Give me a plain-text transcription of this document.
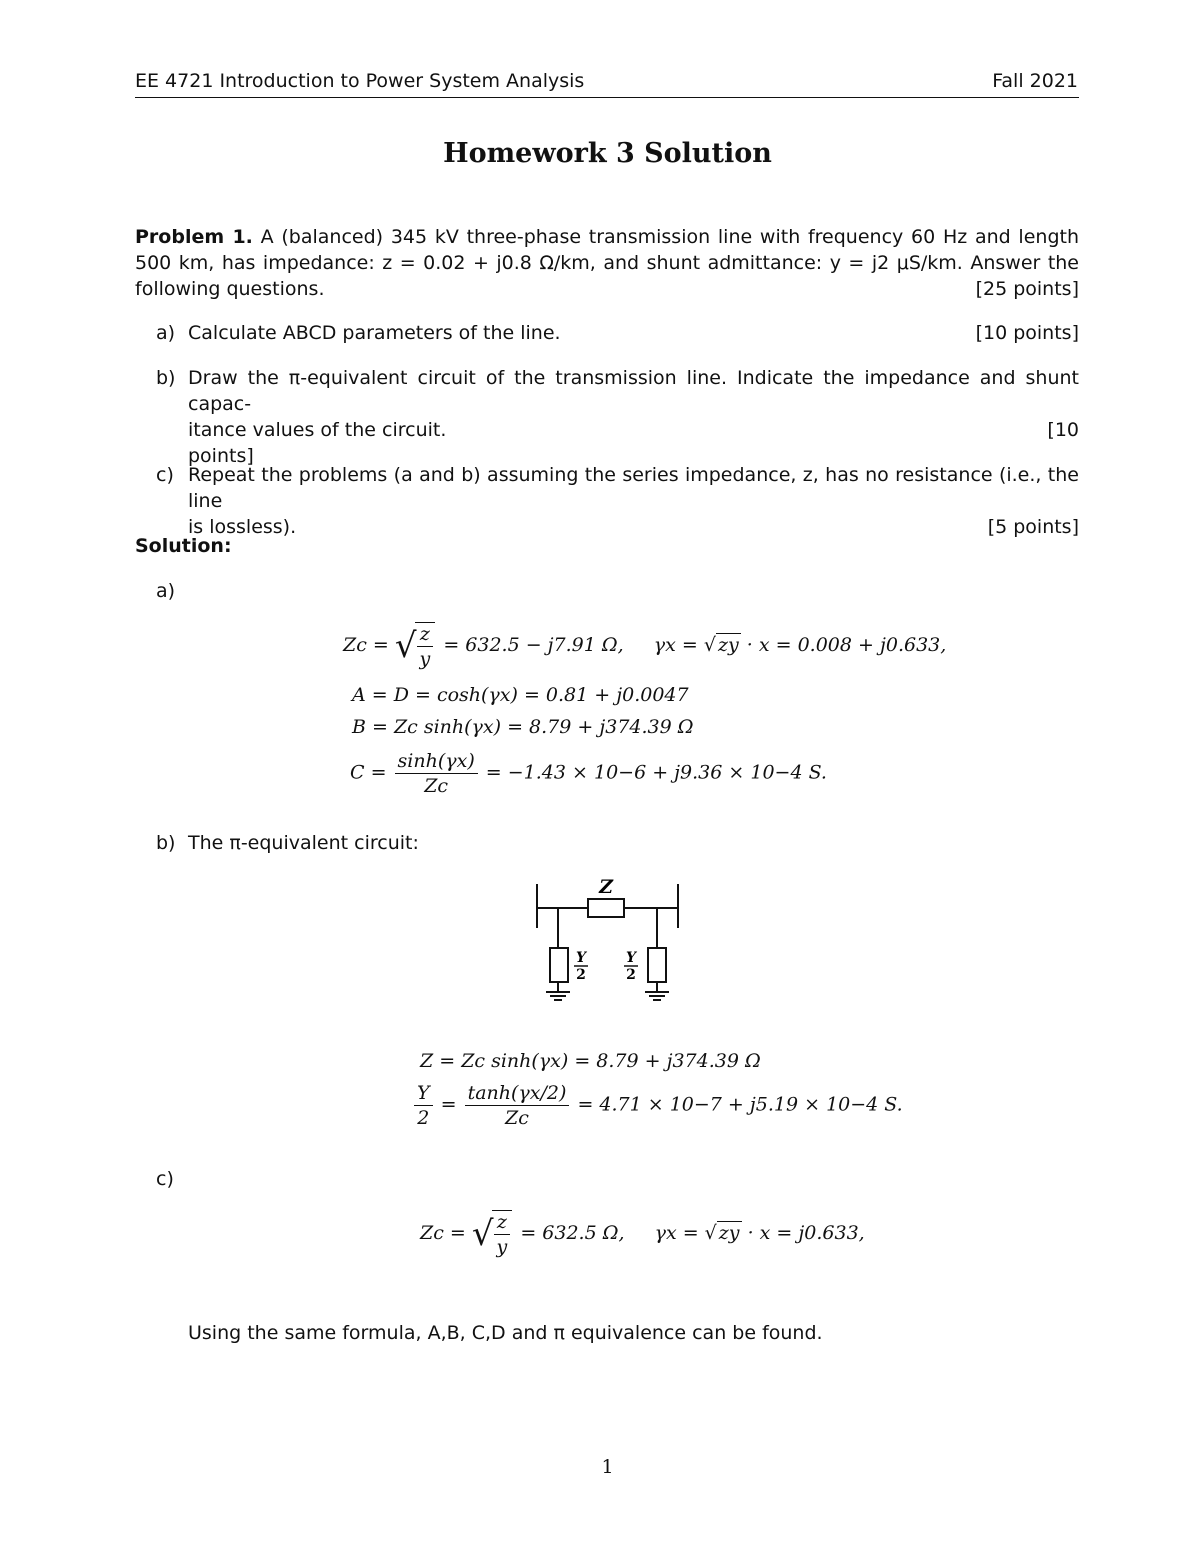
EE 4721 Introduction to Power System Analysis	Fall 2021
Homework 3 Solution
Problem 1. A (balanced) 345 kV three-phase transmission line with frequency 60 Hz and length
500 km, has impedance: z = 0.02 + j0.8 Ω/km, and shunt admittance: y = j2 μS/km. Answer the
following questions.	[25 points]
a) Calculate ABCD parameters of the line.	[10 points]
b) Draw the π-equivalent circuit of the transmission line. Indicate the impedance and shunt capac-
itance values of the circuit.	[10
points]
c) Repeat the problems (a and b) assuming the series impedance, z, has no resistance (i.e., the line
is lossless).	[5 points]
Solution:
a)
Zc = √
$\frac{z}{y} = 632.5 - j7.91$ Ω, γx = √ zy · x = 0.008 + j0.633,
A = D = cosh(γx) = 0.81 + j0.0047
B = Zc sinh(γx) = 8.79 + j374.39 Ω
$C = \frac{\sinh(\gamma x)}{Zc} = -1.43 \times 10-6 + j9.36 \times 10-4$ S.
b) The π-equivalent circuit:
Z
Y
2
Y
2
Z = Zc sinh(γx) = 8.79 + j374.39 Ω
$\frac{Y}{2} = \frac{\tanh(\gamma x/2)}{Zc} = 4.71 \times 10-7 + j5.19 \times 10-4$ S.
c)
Zc = √
$\frac{z}{y} = 632.5$ Ω, γx = √ zy · x = j0.633,
Using the same formula, A,B, C,D and π equivalence can be found.
1
